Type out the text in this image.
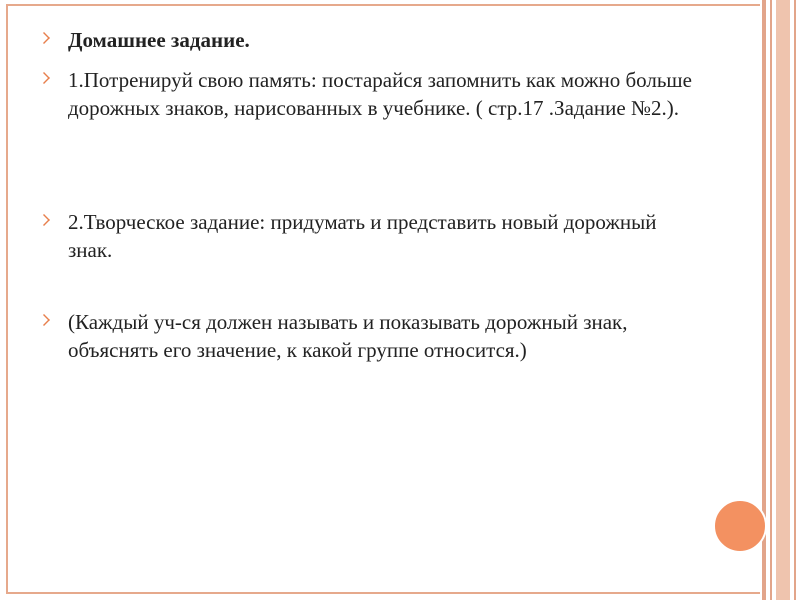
Домашнее задание.
1.Потренируй свою память: постарайся запомнить как можно больше дорожных знаков, нарисованных в учебнике. ( стр.17 .Задание №2.).
2.Творческое задание: придумать и представить новый дорожный знак.
(Каждый уч-ся должен называть и показывать дорожный знак, объяснять его значение, к какой группе относится.)
